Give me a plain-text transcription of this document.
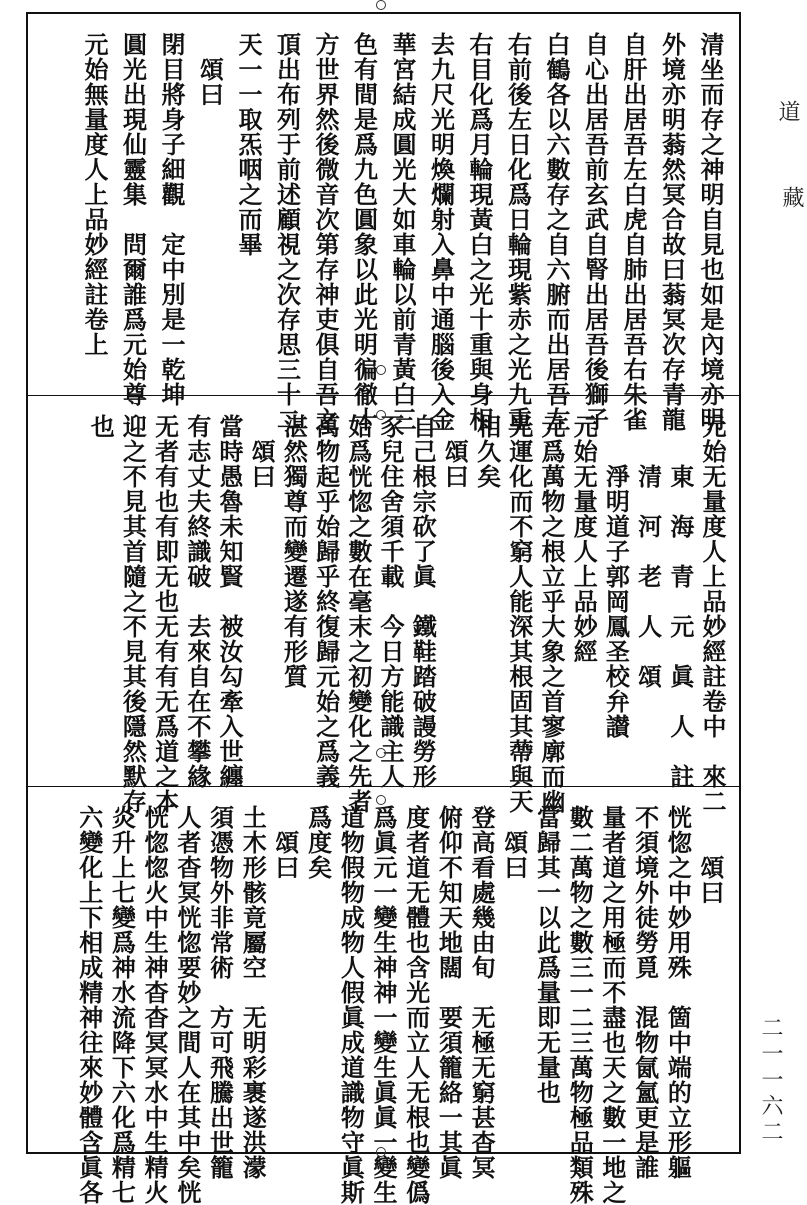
道
藏
二一一六二
清坐而存之神明自見也如是內境亦明
外境亦明蓊然冥合故曰蓊冥次存青龍
自肝出居吾左白虎自肺出居吾右朱雀
自心出居吾前玄武自腎出居吾後獅子
白鶴各以六數存之自六腑而出居吾左
右前後左日化爲日輪現紫赤之光九重
右目化爲月輪現黃白之光十重與身相
去九尺光明煥爛射入鼻中通腦後入金
華宮結成圓光大如車輪以前青黃白三
色有間是爲九色圓象以此光明徧徹十
方世界然後微音次第存神吏俱自吾之
頂出布列于前述顧視之次存思三十二
天一一取炁咽之而畢
　頌曰
閉目將身子細觀　定中別是一乾坤
圓光出現仙靈集　問爾誰爲元始尊
元始無量度人上品妙經註卷上
元始无量度人上品妙經註卷中　來二
　　東　海　青　元　眞　人　註
　　清　河　老　人　頌
　　淨明道子郭岡鳳圣校弁讃
元始无量度人上品妙經
元爲萬物之根立乎大象之首寥廓而幽
光運化而不窮人能深其根固其蔕與天
相久矣
　頌曰
自己根宗砍了眞　鐵鞋踏破謾勞形
豕兒住舍須千載　今日方能識主人
始爲恍惚之數在毫末之初變化之先者
萬物起乎始歸乎終復歸元始之爲義
湛然獨尊而變遷遂有形質
　頌曰
當時愚魯未知賢　被汝勾牽入世纏
有志丈夫終識破　去來自在不攀緣
无者有也有即无也无有有无爲道之本
迎之不見其首隨之不見其後隱然默存
也
　　頌曰
恍惚之中妙用殊　箇中端的立形軀
不須境外徒勞覓　混物氤氳更是誰
量者道之用極而不盡也天之數一地之
數二萬物之數三一二三萬物極品類殊
當歸其一以此爲量即无量也
　頌曰
登高看處幾由旬　无極无窮甚杳冥
俯仰不知天地闊　要須籠絡一其眞
度者道无體也含光而立人无根也變僞
爲眞元一變生神神一變生眞眞一變生
道物假物成物人假眞成道識物守眞斯
爲度矣
　頌曰
土木形骸竟屬空　无明彩裹遂洪濛
須憑物外非常術　方可飛騰出世籠
人者杳冥恍惚要妙之間人在其中矣恍
恍惚惚火中生神杳杳冥冥水中生精火
炎升上七變爲神水流降下六化爲精七
六變化上下相成精神往來妙體含眞各
